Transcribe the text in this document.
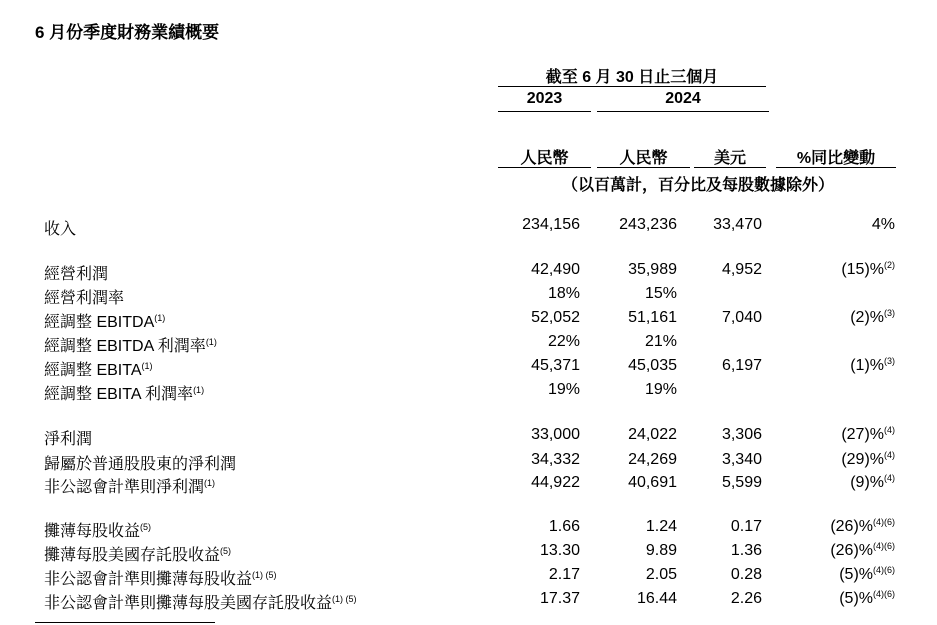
6 月份季度財務業績概要
截至 6 月 30 日止三個月
2023	2024
人民幣	人民幣	美元	%同比變動
（以百萬計，百分比及每股數據除外）
收入	234,156 243,236 33,470	4%
經營利潤	42,490	35,989	4,952	(15)%$^{(2)}$
經營利潤率	18%	15%
經調整 EBITDA$^{(1)}$	52,052	51,161	7,040	(2)%$^{(3)}$
經調整 EBITDA 利潤率$^{(1)}$	22%	21%
經調整 EBITA$^{(1)}$	45,371	45,035	6,197	(1)%$^{(3)}$
經調整 EBITA 利潤率$^{(1)}$	19%	19%
淨利潤	33,000	24,022	3,306	(27)%$^{(4)}$
歸屬於普通股股東的淨利潤	34,332	24,269	3,340	(29)%$^{(4)}$
非公認會計準則淨利潤$^{(1)}$	44,922	40,691	5,599	(9)%$^{(4)}$
攤薄每股收益$^{(5)}$	1.66	1.24	0.17	(26)%$^{(4)(6)}$
攤薄每股美國存託股收益$^{(5)}$	13.30	9.89	1.36	(26)%$^{(4)(6)}$
非公認會計準則攤薄每股收益$^{(1) (5)}$	2.17	2.05	0.28	(5)%$^{(4)(6)}$
非公認會計準則攤薄每股美國存託股收益$^{(1) (5)}$	17.37	16.44	2.26	(5)%$^{(4)(6)}$
